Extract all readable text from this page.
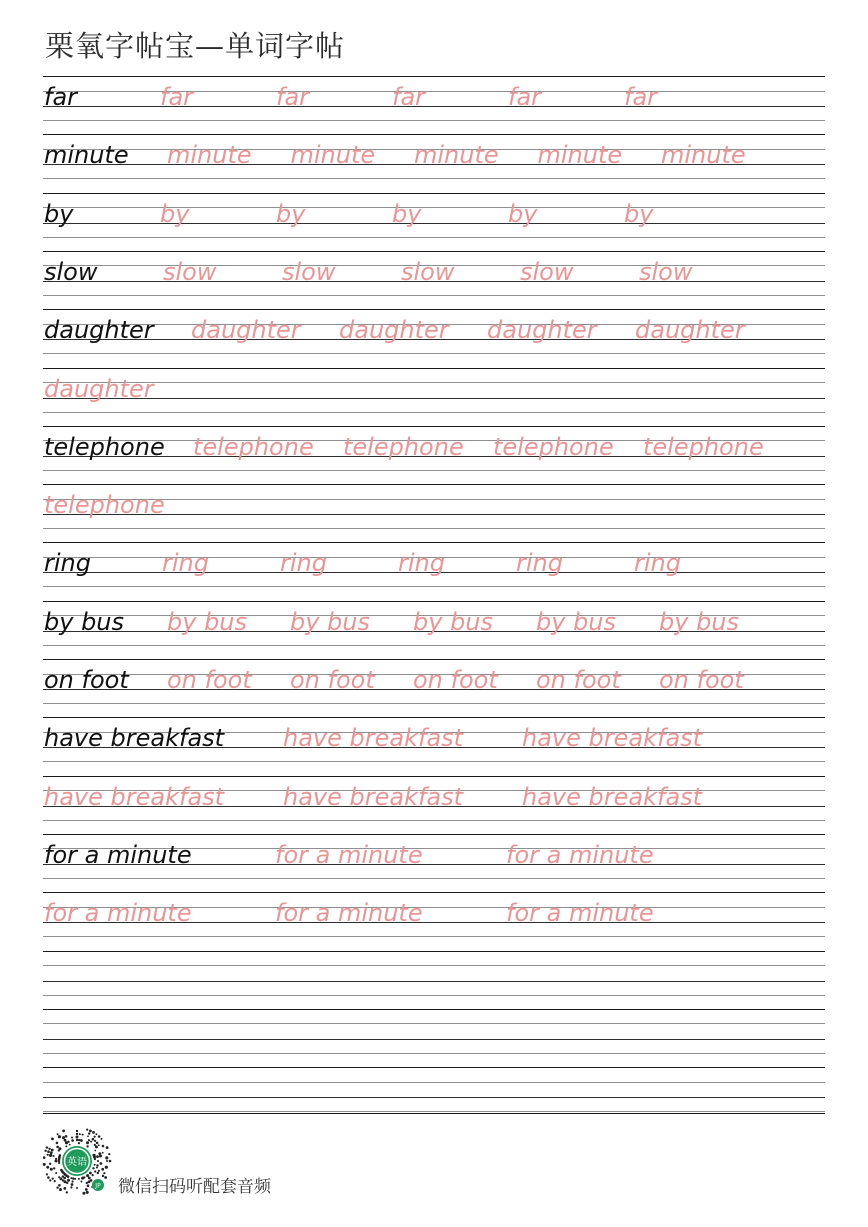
栗氧字帖宝—单词字帖
far	far	far	far	far	far
minute minute minute minute minute minute
by	by	by	by	by	by
slow	slow	slow	slow	slow	slow
daughter daughter daughter daughter daughter
daughter
telephone telephone telephone telephone telephone
telephone
ring	ring	ring	ring	ring	ring
by bus by bus by bus by bus by bus by bus
on foot on foot on foot on foot on foot on foot
have breakfast have breakfast have breakfast
have breakfast have breakfast have breakfast
for a minute	for a minute	for a minute
for a minute	for a minute	for a minute
英语
JP 微信扫码听配套音频
